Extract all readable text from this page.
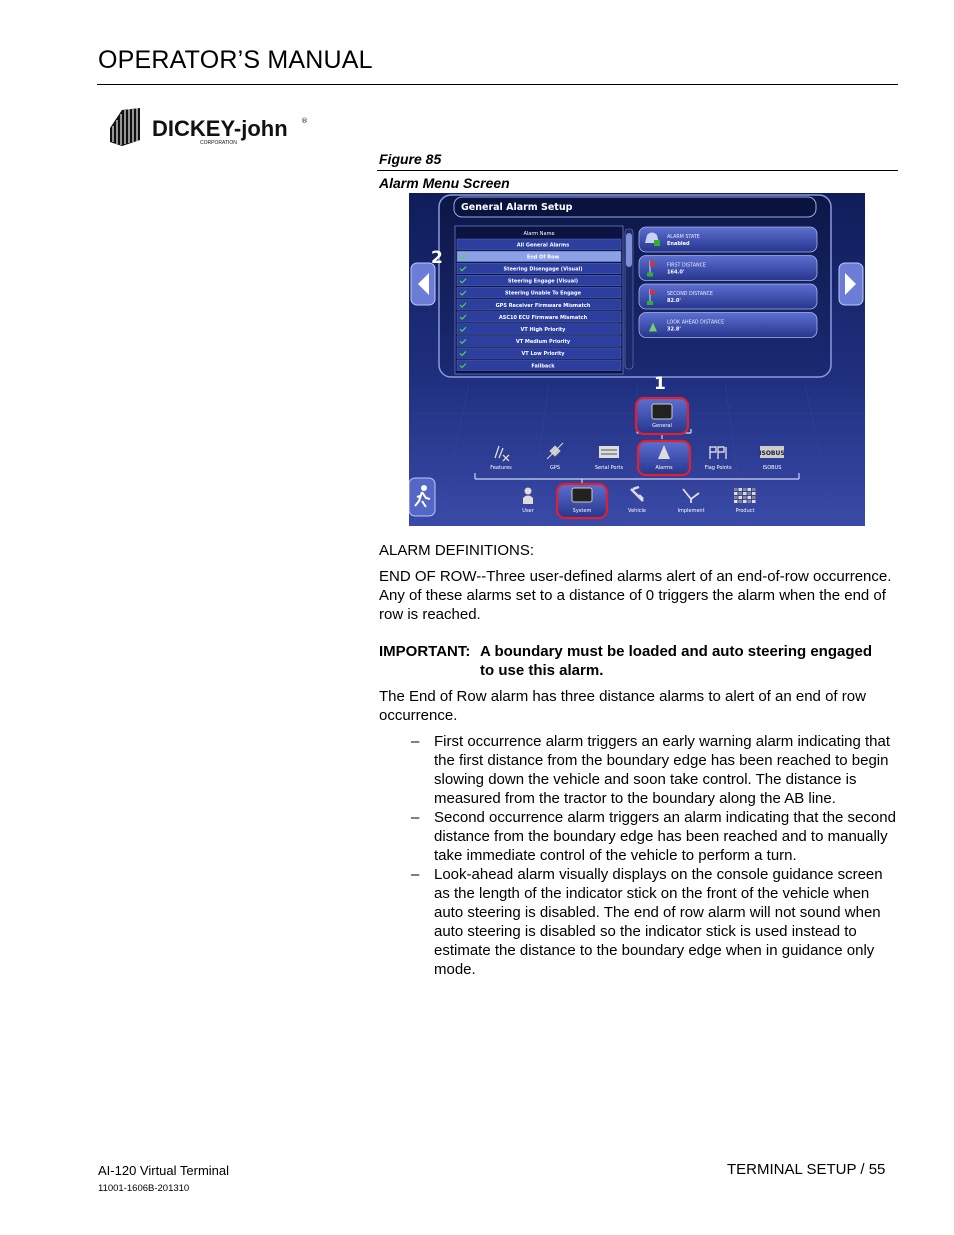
OPERATOR’S MANUAL
DICKEY-john ®
CORPORATION
Figure 85
Alarm Menu Screen
General Alarm Setup
Alarm Name
All General Alarms
End Of Row
Steering Disengage (Visual)
Steering Engage (Visual)
Steering Unable To Engage
GPS Receiver Firmware Mismatch
ASC10 ECU Firmware Mismatch
VT High Priority
VT Medium Priority
VT Low Priority
Fallback
ALARM STATE
Enabled
FIRST DISTANCE
164.0'
SECOND DISTANCE
82.0'
LOOK AHEAD DISTANCE
32.8'
2
1
General
Features	GPS	Serial Ports	Alarms	Flag Points
ISOBUS
ISOBUS
User	System	Vehicle	Implement	Product
ALARM DEFINITIONS:
END OF ROW--Three user-defined alarms alert of an end-of-row occurrence. Any of these alarms set to a distance of 0 triggers the alarm when the end of row is reached.
IMPORTANT: A boundary must be loaded and auto steering engaged
to use this alarm.
The End of Row alarm has three distance alarms to alert of an end of row occurrence.
– First occurrence alarm triggers an early warning alarm indicating that the first distance from the boundary edge has been reached to begin slowing down the vehicle and soon take control. The distance is measured from the tractor to the boundary along the AB line.
– Second occurrence alarm triggers an alarm indicating that the second distance from the boundary edge has been reached and to manually take immediate control of the vehicle to perform a turn.
– Look-ahead alarm visually displays on the console guidance screen as the length of the indicator stick on the front of the vehicle when auto steering is disabled. The end of row alarm will not sound when auto steering is disabled so the indicator stick is used instead to estimate the distance to the boundary edge when in guidance only mode.
AI-120 Virtual Terminal
11001-1606B-201310
TERMINAL SETUP / 55
